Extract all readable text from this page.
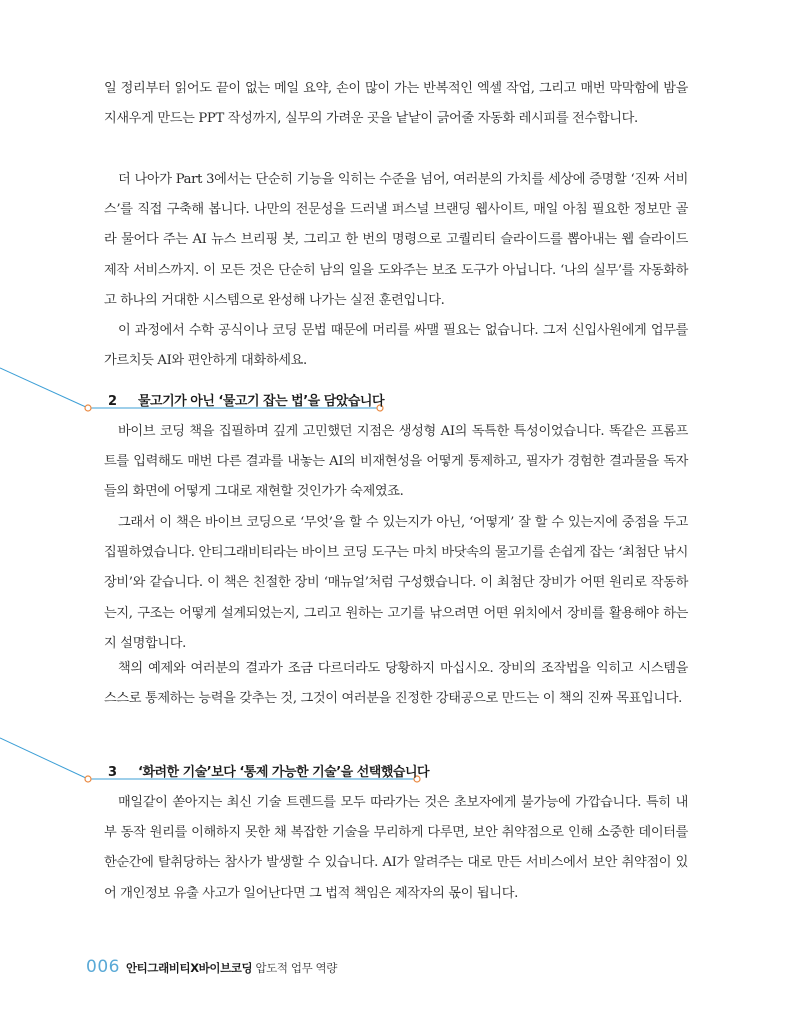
일 정리부터 읽어도 끝이 없는 메일 요약, 손이 많이 가는 반복적인 엑셀 작업, 그리고 매번 막막함에 밤을 지새우게 만드는 PPT 작성까지, 실무의 가려운 곳을 낱낱이 긁어줄 자동화 레시피를 전수합니다.

더 나아가 Part 3에서는 단순히 기능을 익히는 수준을 넘어, 여러분의 가치를 세상에 증명할 ‘진짜 서비스’를 직접 구축해 봅니다. 나만의 전문성을 드러낼 퍼스널 브랜딩 웹사이트, 매일 아침 필요한 정보만 골라 물어다 주는 AI 뉴스 브리핑 봇, 그리고 한 번의 명령으로 고퀄리티 슬라이드를 뽑아내는 웹 슬라이드 제작 서비스까지. 이 모든 것은 단순히 남의 일을 도와주는 보조 도구가 아닙니다. ‘나의 실무’를 자동화하고 하나의 거대한 시스템으로 완성해 나가는 실전 훈련입니다.

이 과정에서 수학 공식이나 코딩 문법 때문에 머리를 싸맬 필요는 없습니다. 그저 신입사원에게 업무를 가르치듯 AI와 편안하게 대화하세요.

2 물고기가 아닌 ‘물고기 잡는 법’을 담았습니다

바이브 코딩 책을 집필하며 깊게 고민했던 지점은 생성형 AI의 독특한 특성이었습니다. 똑같은 프롬프트를 입력해도 매번 다른 결과를 내놓는 AI의 비재현성을 어떻게 통제하고, 필자가 경험한 결과물을 독자들의 화면에 어떻게 그대로 재현할 것인가가 숙제였죠.

그래서 이 책은 바이브 코딩으로 ‘무엇’을 할 수 있는지가 아닌, ‘어떻게’ 잘 할 수 있는지에 중점을 두고 집필하였습니다. 안티그래비티라는 바이브 코딩 도구는 마치 바닷속의 물고기를 손쉽게 잡는 ‘최첨단 낚시 장비’와 같습니다. 이 책은 친절한 장비 ‘매뉴얼’처럼 구성했습니다. 이 최첨단 장비가 어떤 원리로 작동하는지, 구조는 어떻게 설계되었는지, 그리고 원하는 고기를 낚으려면 어떤 위치에서 장비를 활용해야 하는지 설명합니다.

책의 예제와 여러분의 결과가 조금 다르더라도 당황하지 마십시오. 장비의 조작법을 익히고 시스템을 스스로 통제하는 능력을 갖추는 것, 그것이 여러분을 진정한 강태공으로 만드는 이 책의 진짜 목표입니다.

3 ‘화려한 기술’보다 ‘통제 가능한 기술’을 선택했습니다

매일같이 쏟아지는 최신 기술 트렌드를 모두 따라가는 것은 초보자에게 불가능에 가깝습니다. 특히 내부 동작 원리를 이해하지 못한 채 복잡한 기술을 무리하게 다루면, 보안 취약점으로 인해 소중한 데이터를 한순간에 탈취당하는 참사가 발생할 수 있습니다. AI가 알려주는 대로 만든 서비스에서 보안 취약점이 있어 개인정보 유출 사고가 일어난다면 그 법적 책임은 제작자의 몫이 됩니다.

006 안티그래비티X바이브코딩 압도적 업무 역량
